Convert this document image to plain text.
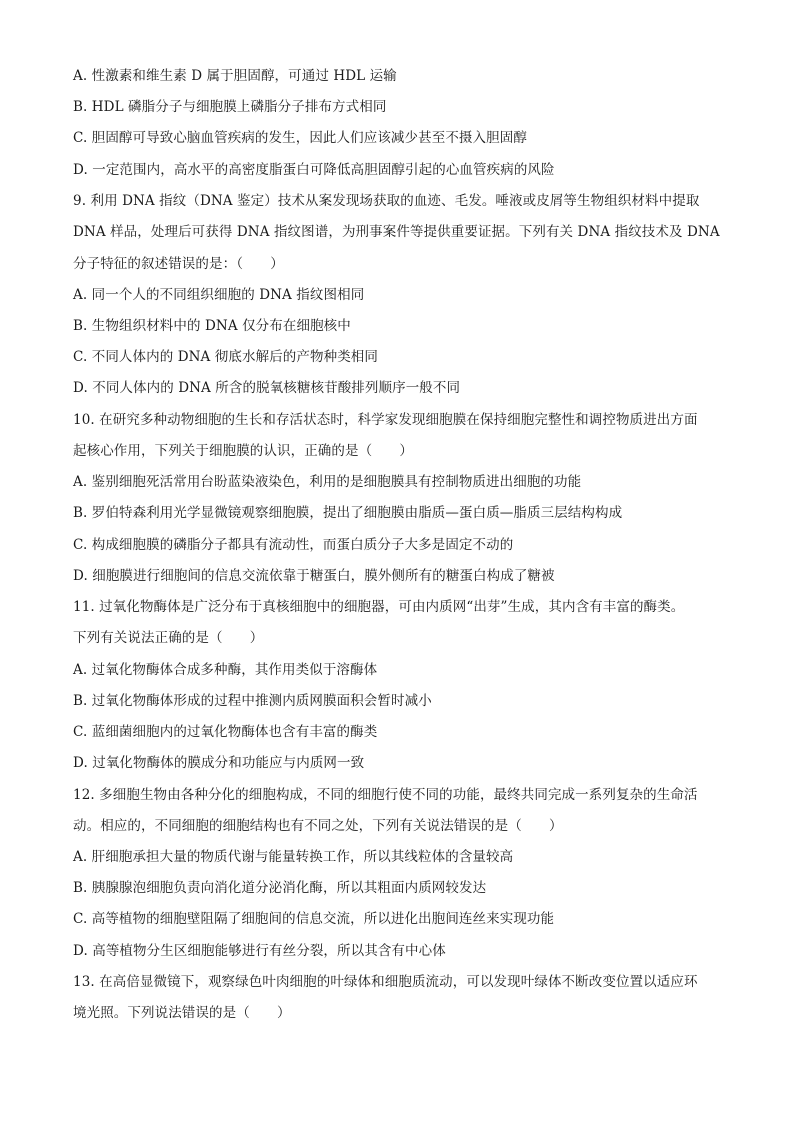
A. 性激素和维生素 D 属于胆固醇，可通过 HDL 运输
B. HDL 磷脂分子与细胞膜上磷脂分子排布方式相同
C. 胆固醇可导致心脑血管疾病的发生，因此人们应该减少甚至不摄入胆固醇
D. 一定范围内，高水平的高密度脂蛋白可降低高胆固醇引起的心血管疾病的风险
9. 利用 DNA 指纹（DNA 鉴定）技术从案发现场获取的血迹、毛发。唾液或皮屑等生物组织材料中提取
DNA 样品，处理后可获得 DNA 指纹图谱，为刑事案件等提供重要证据。下列有关 DNA 指纹技术及 DNA
分子特征的叙述错误的是：（　　）
A. 同一个人的不同组织细胞的 DNA 指纹图相同
B. 生物组织材料中的 DNA 仅分布在细胞核中
C. 不同人体内的 DNA 彻底水解后的产物种类相同
D. 不同人体内的 DNA 所含的脱氧核糖核苷酸排列顺序一般不同
10. 在研究多种动物细胞的生长和存活状态时，科学家发现细胞膜在保持细胞完整性和调控物质进出方面
起核心作用，下列关于细胞膜的认识，正确的是（　　）
A. 鉴别细胞死活常用台盼蓝染液染色，利用的是细胞膜具有控制物质进出细胞的功能
B. 罗伯特森利用光学显微镜观察细胞膜，提出了细胞膜由脂质—蛋白质—脂质三层结构构成
C. 构成细胞膜的磷脂分子都具有流动性，而蛋白质分子大多是固定不动的
D. 细胞膜进行细胞间的信息交流依靠于糖蛋白，膜外侧所有的糖蛋白构成了糖被
11. 过氧化物酶体是广泛分布于真核细胞中的细胞器，可由内质网“出芽”生成，其内含有丰富的酶类。
下列有关说法正确的是（　　）
A. 过氧化物酶体合成多种酶，其作用类似于溶酶体
B. 过氧化物酶体形成的过程中推测内质网膜面积会暂时减小
C. 蓝细菌细胞内的过氧化物酶体也含有丰富的酶类
D. 过氧化物酶体的膜成分和功能应与内质网一致
12. 多细胞生物由各种分化的细胞构成，不同的细胞行使不同的功能，最终共同完成一系列复杂的生命活
动。相应的，不同细胞的细胞结构也有不同之处，下列有关说法错误的是（　　）
A. 肝细胞承担大量的物质代谢与能量转换工作，所以其线粒体的含量较高
B. 胰腺腺泡细胞负责向消化道分泌消化酶，所以其粗面内质网较发达
C. 高等植物的细胞壁阻隔了细胞间的信息交流，所以进化出胞间连丝来实现功能
D. 高等植物分生区细胞能够进行有丝分裂，所以其含有中心体
13. 在高倍显微镜下，观察绿色叶肉细胞的叶绿体和细胞质流动，可以发现叶绿体不断改变位置以适应环
境光照。下列说法错误的是（　　）
